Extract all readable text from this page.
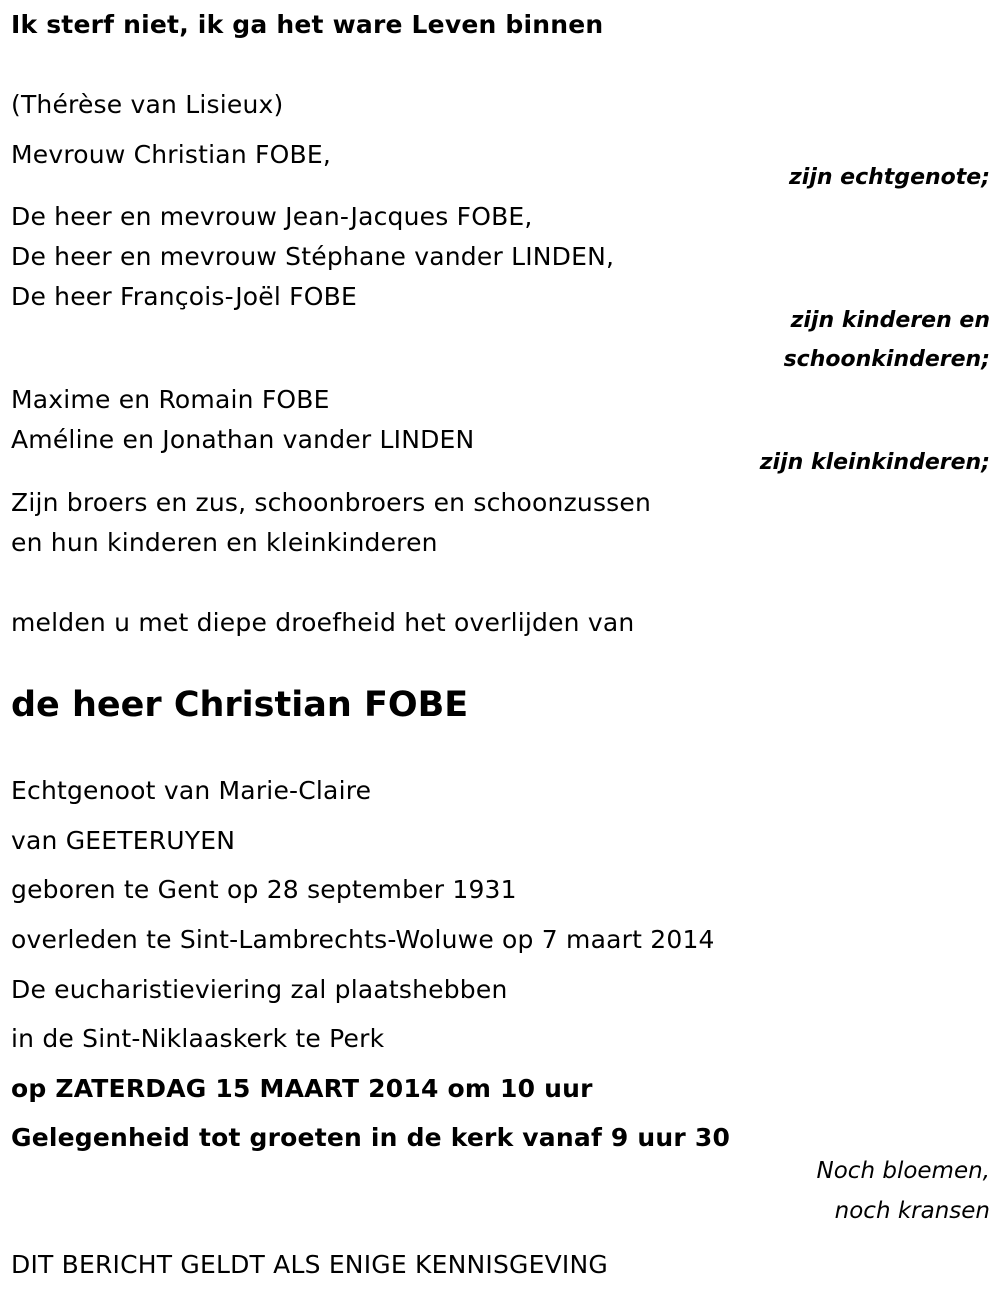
Ik sterf niet, ik ga het ware Leven binnen
(Thérèse van Lisieux)
Mevrouw Christian FOBE,
zijn echtgenote;
De heer en mevrouw Jean-Jacques FOBE,
De heer en mevrouw Stéphane vander LINDEN,
De heer François-Joël FOBE
zijn kinderen en
schoonkinderen;
Maxime en Romain FOBE
Améline en Jonathan vander LINDEN
zijn kleinkinderen;
Zijn broers en zus, schoonbroers en schoonzussen
en hun kinderen en kleinkinderen
melden u met diepe droefheid het overlijden van
de heer Christian FOBE
Echtgenoot van Marie-Claire
van GEETERUYEN
geboren te Gent op 28 september 1931
overleden te Sint-Lambrechts-Woluwe op 7 maart 2014
De eucharistieviering zal plaatshebben
in de Sint-Niklaaskerk te Perk
op ZATERDAG 15 MAART 2014 om 10 uur
Gelegenheid tot groeten in de kerk vanaf 9 uur 30
Noch bloemen,
noch kransen
DIT BERICHT GELDT ALS ENIGE KENNISGEVING
